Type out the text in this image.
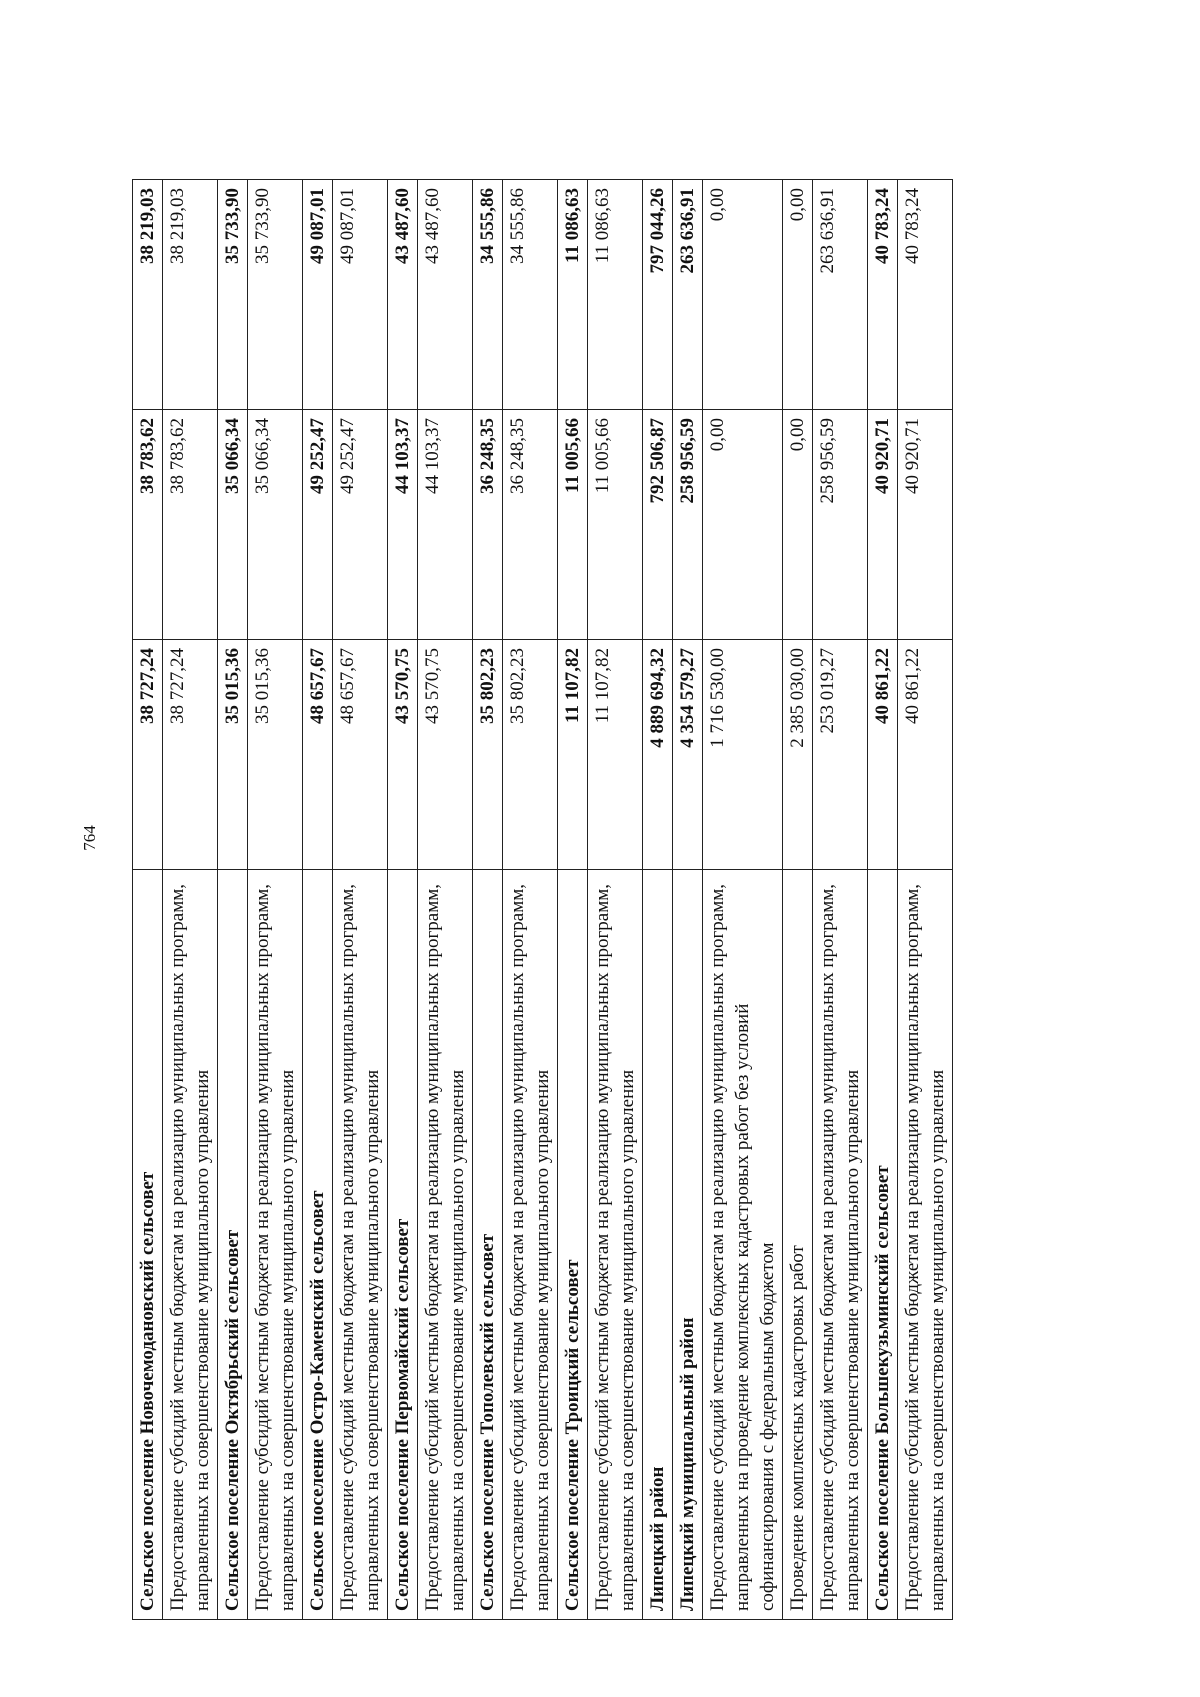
764
Сельское поселение Новочемодановский сельсовет	38 727,24	38 783,62	38 219,03
Предоставление субсидий местным бюджетам на реализацию муниципальных программ, направленных на совершенствование муниципального управления	38 727,24	38 783,62	38 219,03
Сельское поселение Октябрьский сельсовет	35 015,36	35 066,34	35 733,90
Предоставление субсидий местным бюджетам на реализацию муниципальных программ, направленных на совершенствование муниципального управления	35 015,36	35 066,34	35 733,90
Сельское поселение Остро-Каменский сельсовет	48 657,67	49 252,47	49 087,01
Предоставление субсидий местным бюджетам на реализацию муниципальных программ, направленных на совершенствование муниципального управления	48 657,67	49 252,47	49 087,01
Сельское поселение Первомайский сельсовет	43 570,75	44 103,37	43 487,60
Предоставление субсидий местным бюджетам на реализацию муниципальных программ, направленных на совершенствование муниципального управления	43 570,75	44 103,37	43 487,60
Сельское поселение Тополевский сельсовет	35 802,23	36 248,35	34 555,86
Предоставление субсидий местным бюджетам на реализацию муниципальных программ, направленных на совершенствование муниципального управления	35 802,23	36 248,35	34 555,86
Сельское поселение Троицкий сельсовет	11 107,82	11 005,66	11 086,63
Предоставление субсидий местным бюджетам на реализацию муниципальных программ, направленных на совершенствование муниципального управления	11 107,82	11 005,66	11 086,63
Липецкий район	4 889 694,32	792 506,87	797 044,26
Липецкий муниципальный район	4 354 579,27	258 956,59	263 636,91
Предоставление субсидий местным бюджетам на реализацию муниципальных программ, направленных на проведение комплексных кадастровых работ без условий софинансирования с федеральным бюджетом	1 716 530,00	0,00	0,00
Проведение комплексных кадастровых работ	2 385 030,00	0,00	0,00
Предоставление субсидий местным бюджетам на реализацию муниципальных программ, направленных на совершенствование муниципального управления	253 019,27	258 956,59	263 636,91
Сельское поселение Большекузьминский сельсовет	40 861,22	40 920,71	40 783,24
Предоставление субсидий местным бюджетам на реализацию муниципальных программ, направленных на совершенствование муниципального управления	40 861,22	40 920,71	40 783,24
